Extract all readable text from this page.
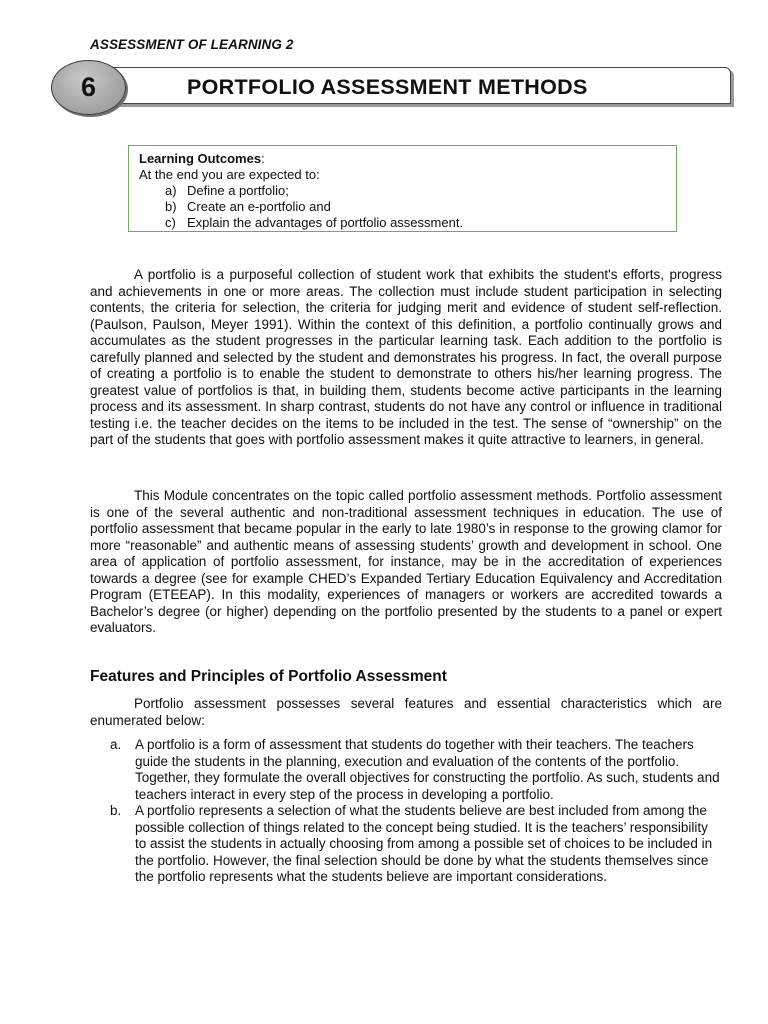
ASSESSMENT OF LEARNING 2
PORTFOLIO ASSESSMENT METHODS
6
Learning Outcomes:
At the end you are expected to:
a) Define a portfolio;
b) Create an e-portfolio and
c) Explain the advantages of portfolio assessment.

A portfolio is a purposeful collection of student work that exhibits the student's efforts, progress and achievements in one or more areas. The collection must include student participation in selecting contents, the criteria for selection, the criteria for judging merit and evidence of student self-reflection. (Paulson, Paulson, Meyer 1991). Within the context of this definition, a portfolio continually grows and accumulates as the student progresses in the particular learning task. Each addition to the portfolio is carefully planned and selected by the student and demonstrates his progress. In fact, the overall purpose of creating a portfolio is to enable the student to demonstrate to others his/her learning progress. The greatest value of portfolios is that, in building them, students become active participants in the learning process and its assessment. In sharp contrast, students do not have any control or influence in traditional testing i.e. the teacher decides on the items to be included in the test. The sense of “ownership” on the part of the students that goes with portfolio assessment makes it quite attractive to learners, in general.

This Module concentrates on the topic called portfolio assessment methods. Portfolio assessment is one of the several authentic and non-traditional assessment techniques in education. The use of portfolio assessment that became popular in the early to late 1980’s in response to the growing clamor for more “reasonable” and authentic means of assessing students’ growth and development in school. One area of application of portfolio assessment, for instance, may be in the accreditation of experiences towards a degree (see for example CHED’s Expanded Tertiary Education Equivalency and Accreditation Program (ETEEAP). In this modality, experiences of managers or workers are accredited towards a Bachelor’s degree (or higher) depending on the portfolio presented by the students to a panel or expert evaluators.

Features and Principles of Portfolio Assessment

Portfolio assessment possesses several features and essential characteristics which are enumerated below:

a.	A portfolio is a form of assessment that students do together with their teachers. The teachers guide the students in the planning, execution and evaluation of the contents of the portfolio. Together, they formulate the overall objectives for constructing the portfolio. As such, students and teachers interact in every step of the process in developing a portfolio.
b.	A portfolio represents a selection of what the students believe are best included from among the possible collection of things related to the concept being studied. It is the teachers’ responsibility to assist the students in actually choosing from among a possible set of choices to be included in the portfolio. However, the final selection should be done by what the students themselves since the portfolio represents what the students believe are important considerations.
